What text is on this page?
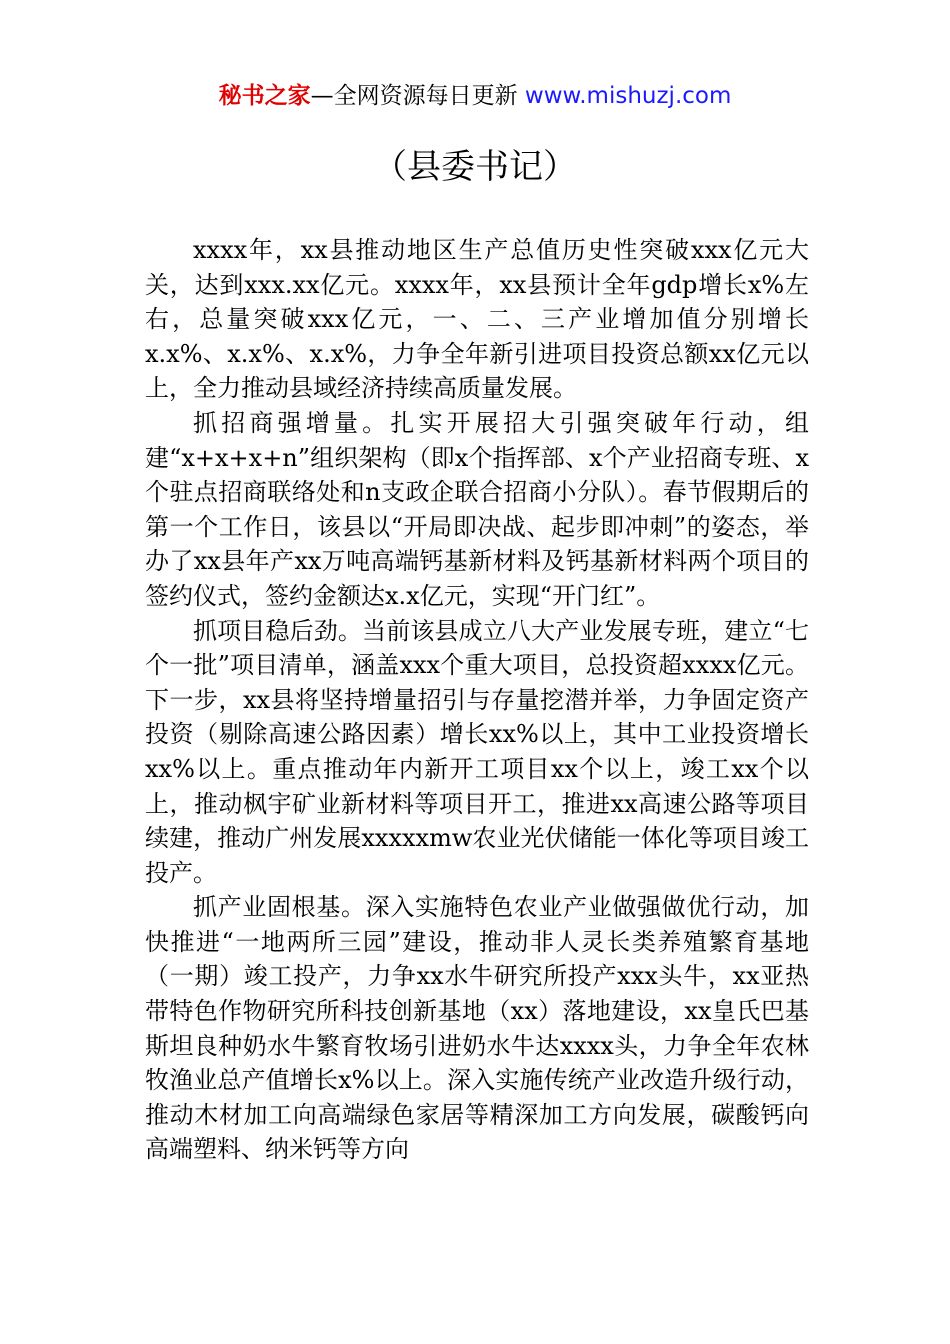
秘书之家—全网资源每日更新 www.mishuzj.com
（县委书记）

xxxx年，xx县推动地区生产总值历史性突破xxx亿元大关，达到xxx.xx亿元。xxxx年，xx县预计全年gdp增长x%左右，总量突破xxx亿元，一、二、三产业增加值分别增长x.x%、x.x%、x.x%，力争全年新引进项目投资总额xx亿元以上，全力推动县域经济持续高质量发展。

抓招商强增量。扎实开展招大引强突破年行动，组建“x+x+x+n”组织架构（即x个指挥部、x个产业招商专班、x个驻点招商联络处和n支政企联合招商小分队）。春节假期后的第一个工作日，该县以“开局即决战、起步即冲刺”的姿态，举办了xx县年产xx万吨高端钙基新材料及钙基新材料两个项目的签约仪式，签约金额达x.x亿元，实现“开门红”。

抓项目稳后劲。当前该县成立八大产业发展专班，建立“七个一批”项目清单，涵盖xxx个重大项目，总投资超xxxx亿元。下一步，xx县将坚持增量招引与存量挖潜并举，力争固定资产投资（剔除高速公路因素）增长xx%以上，其中工业投资增长xx%以上。重点推动年内新开工项目xx个以上，竣工xx个以上，推动枫宇矿业新材料等项目开工，推进xx高速公路等项目续建，推动广州发展xxxxxmw农业光伏储能一体化等项目竣工投产。

抓产业固根基。深入实施特色农业产业做强做优行动，加快推进“一地两所三园”建设，推动非人灵长类养殖繁育基地（一期）竣工投产，力争xx水牛研究所投产xxx头牛，xx亚热带特色作物研究所科技创新基地（xx）落地建设，xx皇氏巴基斯坦良种奶水牛繁育牧场引进奶水牛达xxxx头，力争全年农林牧渔业总产值增长x%以上。深入实施传统产业改造升级行动，推动木材加工向高端绿色家居等精深加工方向发展，碳酸钙向高端塑料、纳米钙等方向
